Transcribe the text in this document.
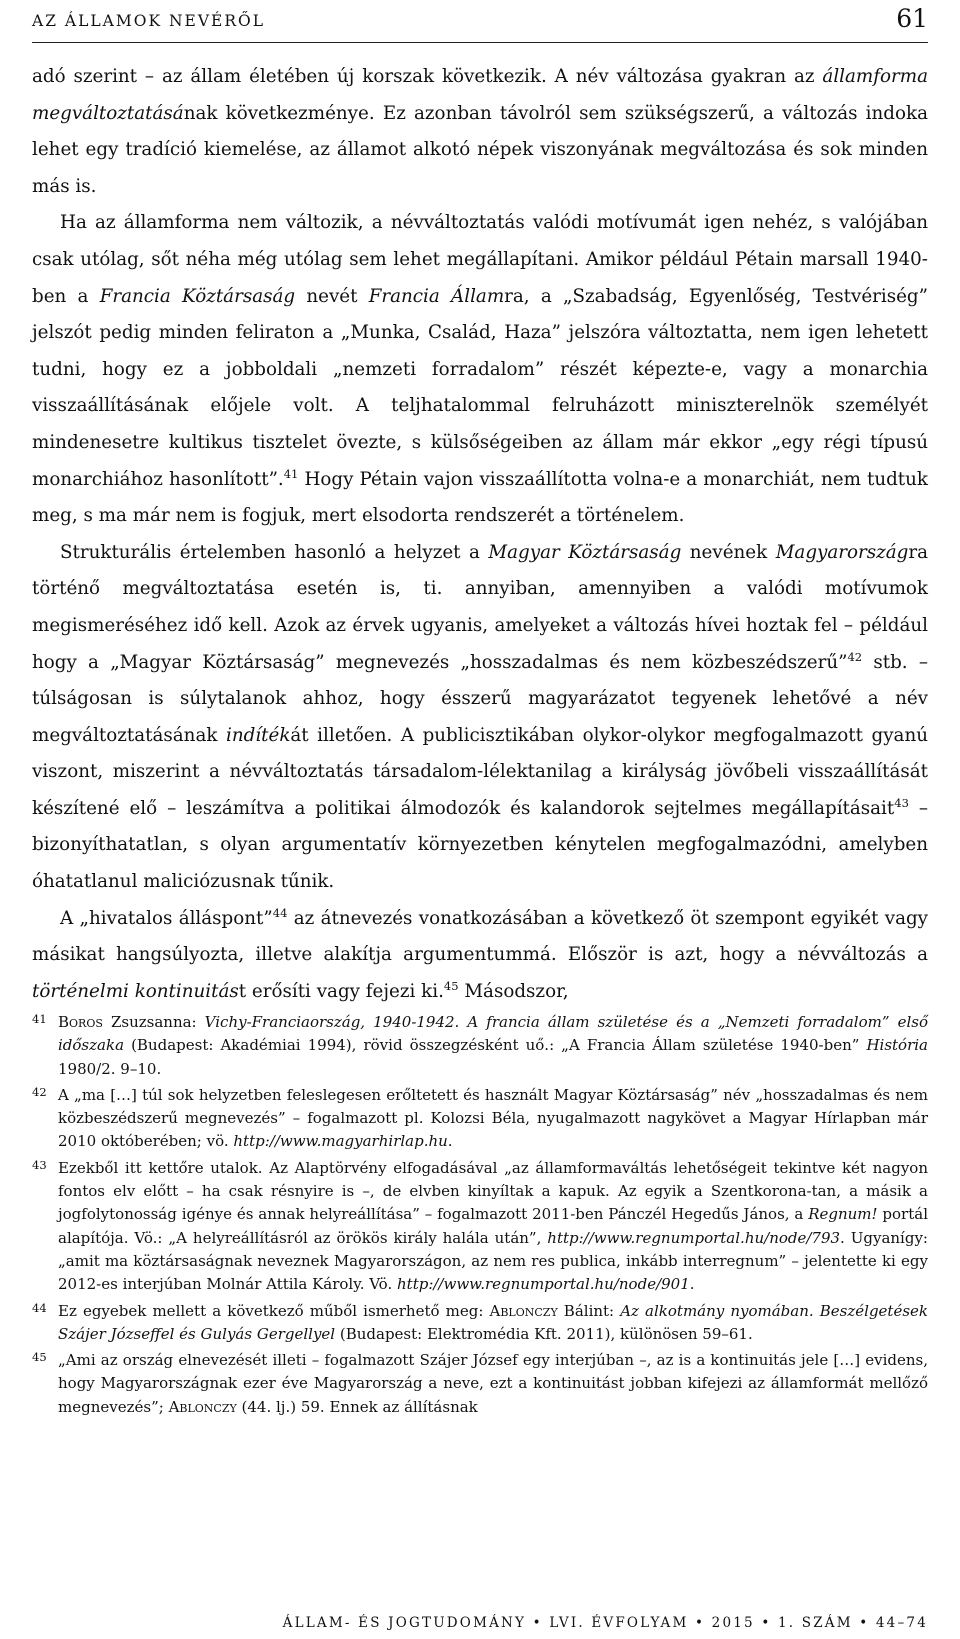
AZ ÁLLAMOK NEVÉRŐL	61

adó szerint – az állam életében új korszak következik. A név változása gyakran az államforma megváltoztatásának következménye. Ez azonban távolról sem szükségszerű, a változás indoka lehet egy tradíció kiemelése, az államot alkotó népek viszonyának megváltozása és sok minden más is.

Ha az államforma nem változik, a névváltoztatás valódi motívumát igen nehéz, s valójában csak utólag, sőt néha még utólag sem lehet megállapítani. Amikor például Pétain marsall 1940-ben a Francia Köztársaság nevét Francia Államra, a „Szabadság, Egyenlőség, Testvériség” jelszót pedig minden feliraton a „Munka, Család, Haza” jelszóra változtatta, nem igen lehetett tudni, hogy ez a jobboldali „nemzeti forradalom” részét képezte-e, vagy a monarchia visszaállításának előjele volt. A teljhatalommal felruházott miniszterelnök személyét mindenesetre kultikus tisztelet övezte, s külsőségeiben az állam már ekkor „egy régi típusú monarchiához hasonlított”.$^{41}$ Hogy Pétain vajon visszaállította volna-e a monarchiát, nem tudtuk meg, s ma már nem is fogjuk, mert elsodorta rendszerét a történelem.

Strukturális értelemben hasonló a helyzet a Magyar Köztársaság nevének Magyarországra történő megváltoztatása esetén is, ti. annyiban, amennyiben a valódi motívumok megismeréséhez idő kell. Azok az érvek ugyanis, amelyeket a változás hívei hoztak fel – például hogy a „Magyar Köztársaság” megnevezés „hosszadalmas és nem közbeszédszerű”$^{42}$ stb. – túlságosan is súlytalanok ahhoz, hogy ésszerű magyarázatot tegyenek lehetővé a név megváltoztatásának indítékát illetően. A publicisztikában olykor-olykor megfogalmazott gyanú viszont, miszerint a névváltoztatás társadalom-lélektanilag a királyság jövőbeli visszaállítását készítené elő – leszámítva a politikai álmodozók és kalandorok sejtelmes megállapításait$^{43}$ – bizonyíthatatlan, s olyan argumentatív környezetben kénytelen megfogalmazódni, amelyben óhatatlanul maliciózusnak tűnik.

A „hivatalos álláspont”$^{44}$ az átnevezés vonatkozásában a következő öt szempont egyikét vagy másikat hangsúlyozta, illetve alakítja argumentummá. Először is azt, hogy a névváltozás a történelmi kontinuitást erősíti vagy fejezi ki.$^{45}$ Másodszor,

41 Boros Zsuzsanna: Vichy-Franciaország, 1940-1942. A francia állam születése és a „Nemzeti forradalom” első időszaka (Budapest: Akadémiai 1994), rövid összegzésként uő.: „A Francia Állam születése 1940-ben” História 1980/2. 9–10.
42 A „ma […] túl sok helyzetben feleslegesen erőltetett és használt Magyar Köztársaság” név „hosszadalmas és nem közbeszédszerű megnevezés” – fogalmazott pl. Kolozsi Béla, nyugalmazott nagykövet a Magyar Hírlapban már 2010 októberében; vö. http://www.magyarhirlap.hu.
43 Ezekből itt kettőre utalok. Az Alaptörvény elfogadásával „az államformaváltás lehetőségeit tekintve két nagyon fontos elv előtt – ha csak résnyire is –, de elvben kinyíltak a kapuk. Az egyik a Szentkorona-tan, a másik a jogfolytonosság igénye és annak helyreállítása” – fogalmazott 2011-ben Pánczél Hegedűs János, a Regnum! portál alapítója. Vö.: „A helyreállításról az örökös király halála után”, http://www.regnumportal.hu/node/793. Ugyanígy: „amit ma köztársaságnak neveznek Magyarországon, az nem res publica, inkább interregnum” – jelentette ki egy 2012-es interjúban Molnár Attila Károly. Vö. http://www.regnumportal.hu/node/901.
44 Ez egyebek mellett a következő műből ismerhető meg: Ablonczy Bálint: Az alkotmány nyomában. Beszélgetések Szájer Józseffel és Gulyás Gergellyel (Budapest: Elektromédia Kft. 2011), különösen 59–61.
45 „Ami az ország elnevezését illeti – fogalmazott Szájer József egy interjúban –, az is a kontinuitás jele […] evidens, hogy Magyarországnak ezer éve Magyarország a neve, ezt a kontinuitást jobban kifejezi az államformát mellőző megnevezés”; Ablonczy (44. lj.) 59. Ennek az állításnak
ÁLLAM- ÉS JOGTUDOMÁNY • LVI. ÉVFOLYAM • 2015 • 1. SZÁM • 44–74
